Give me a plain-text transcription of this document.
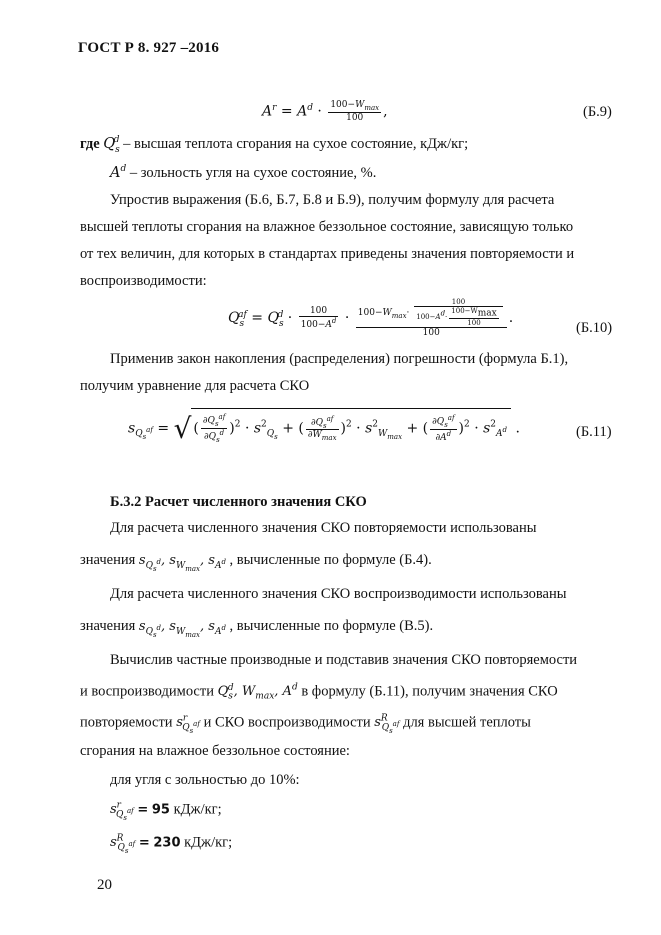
ГОСТ Р 8. 927 –2016
$A^r = A^d \cdot \frac{100-W_{max}}{100}$ ,	(Б.9)
где $Q_s^d$ – высшая теплота сгорания на сухое состояние, кДж/кг;
$A^d$ – зольность угля на сухое состояние, %.
Упростив выражения (Б.6, Б.7, Б.8 и Б.9), получим формулу для расчета
высшей теплоты сгорания на влажное беззольное состояние, зависящую только
от тех величин, для которых в стандартах приведены значения повторяемости и
воспроизводимости:
$Q_s^{af} = Q_s^d \cdot \frac{100}{100-A^d} \cdot \frac{100-W_{max}\cdot \frac{100}{100-A^d\cdot \frac{100-W_{max}}{100}}}{100}$ .
(Б.10)
Применив закон накопления (распределения) погрешности (формула Б.1),
получим уравнение для расчета СКО
$s_{Q_s^{af}}$ = √( $\frac{\partial Q_s^{af}}{\partial Q_s^d} )^2 \cdot s^2_{Q_s}$ + ( $\frac{\partial Q_s^{af}}{\partial W_{max}} )^2 \cdot s^2_{W_{max}}$ + ( $\frac{\partial Q_s^{af}}{\partial A^d} )^2 \cdot s^2_{A^d}$ .	(Б.11)
Б.3.2 Расчет численного значения СКО
Для расчета численного значения СКО повторяемости использованы
значения $s_{Q_s^d}$, $s_{W_{max}}$, $s_{A^d}$ , вычисленные по формуле (Б.4).
Для расчета численного значения СКО воспроизводимости использованы
значения $s_{Q_s^d}$, $s_{W_{max}}$, $s_{A^d}$ , вычисленные по формуле (В.5).
Вычислив частные производные и подставив значения СКО повторяемости
и воспроизводимости $Q_s^d$, $W_{max}$, $A^d$ в формулу (Б.11), получим значения СКО
повторяемости $s^r_{Q_s^{af}}$ и СКО воспроизводимости $s^R_{Q_s^{af}}$ для высшей теплоты
сгорания на влажное беззольное состояние:
для угля с зольностью до 10%:
$s^r_{Q_s^{af}} = 95$ кДж/кг;
$s^R_{Q_s^{af}} = 230$ кДж/кг;
20
